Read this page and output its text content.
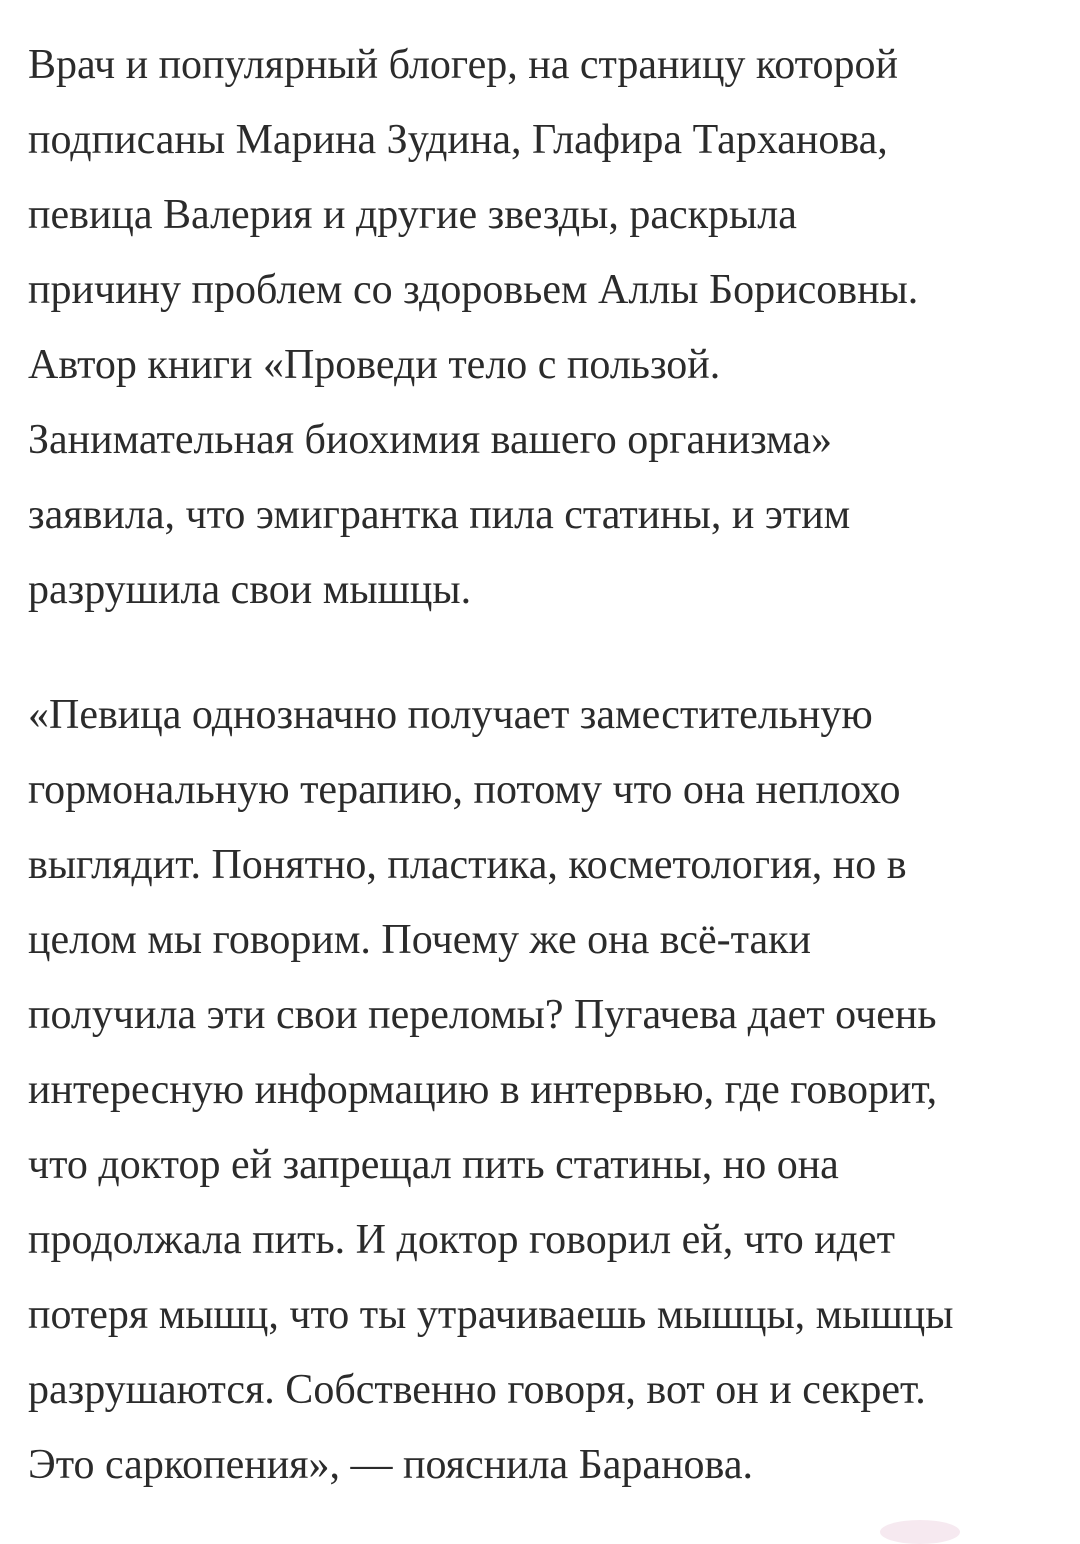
Врач и популярный блогер, на страницу которой
подписаны Марина Зудина, Глафира Тарханова,
певица Валерия и другие звезды, раскрыла
причину проблем со здоровьем Аллы Борисовны.
Автор книги «Проведи тело с пользой.
Занимательная биохимия вашего организма»
заявила, что эмигрантка пила статины, и этим
разрушила свои мышцы.

«Певица однозначно получает заместительную
гормональную терапию, потому что она неплохо
выглядит. Понятно, пластика, косметология, но в
целом мы говорим. Почему же она всё-таки
получила эти свои переломы? Пугачева дает очень
интересную информацию в интервью, где говорит,
что доктор ей запрещал пить статины, но она
продолжала пить. И доктор говорил ей, что идет
потеря мышц, что ты утрачиваешь мышцы, мышцы
разрушаются. Собственно говоря, вот он и секрет.
Это саркопения», — пояснила Баранова.
